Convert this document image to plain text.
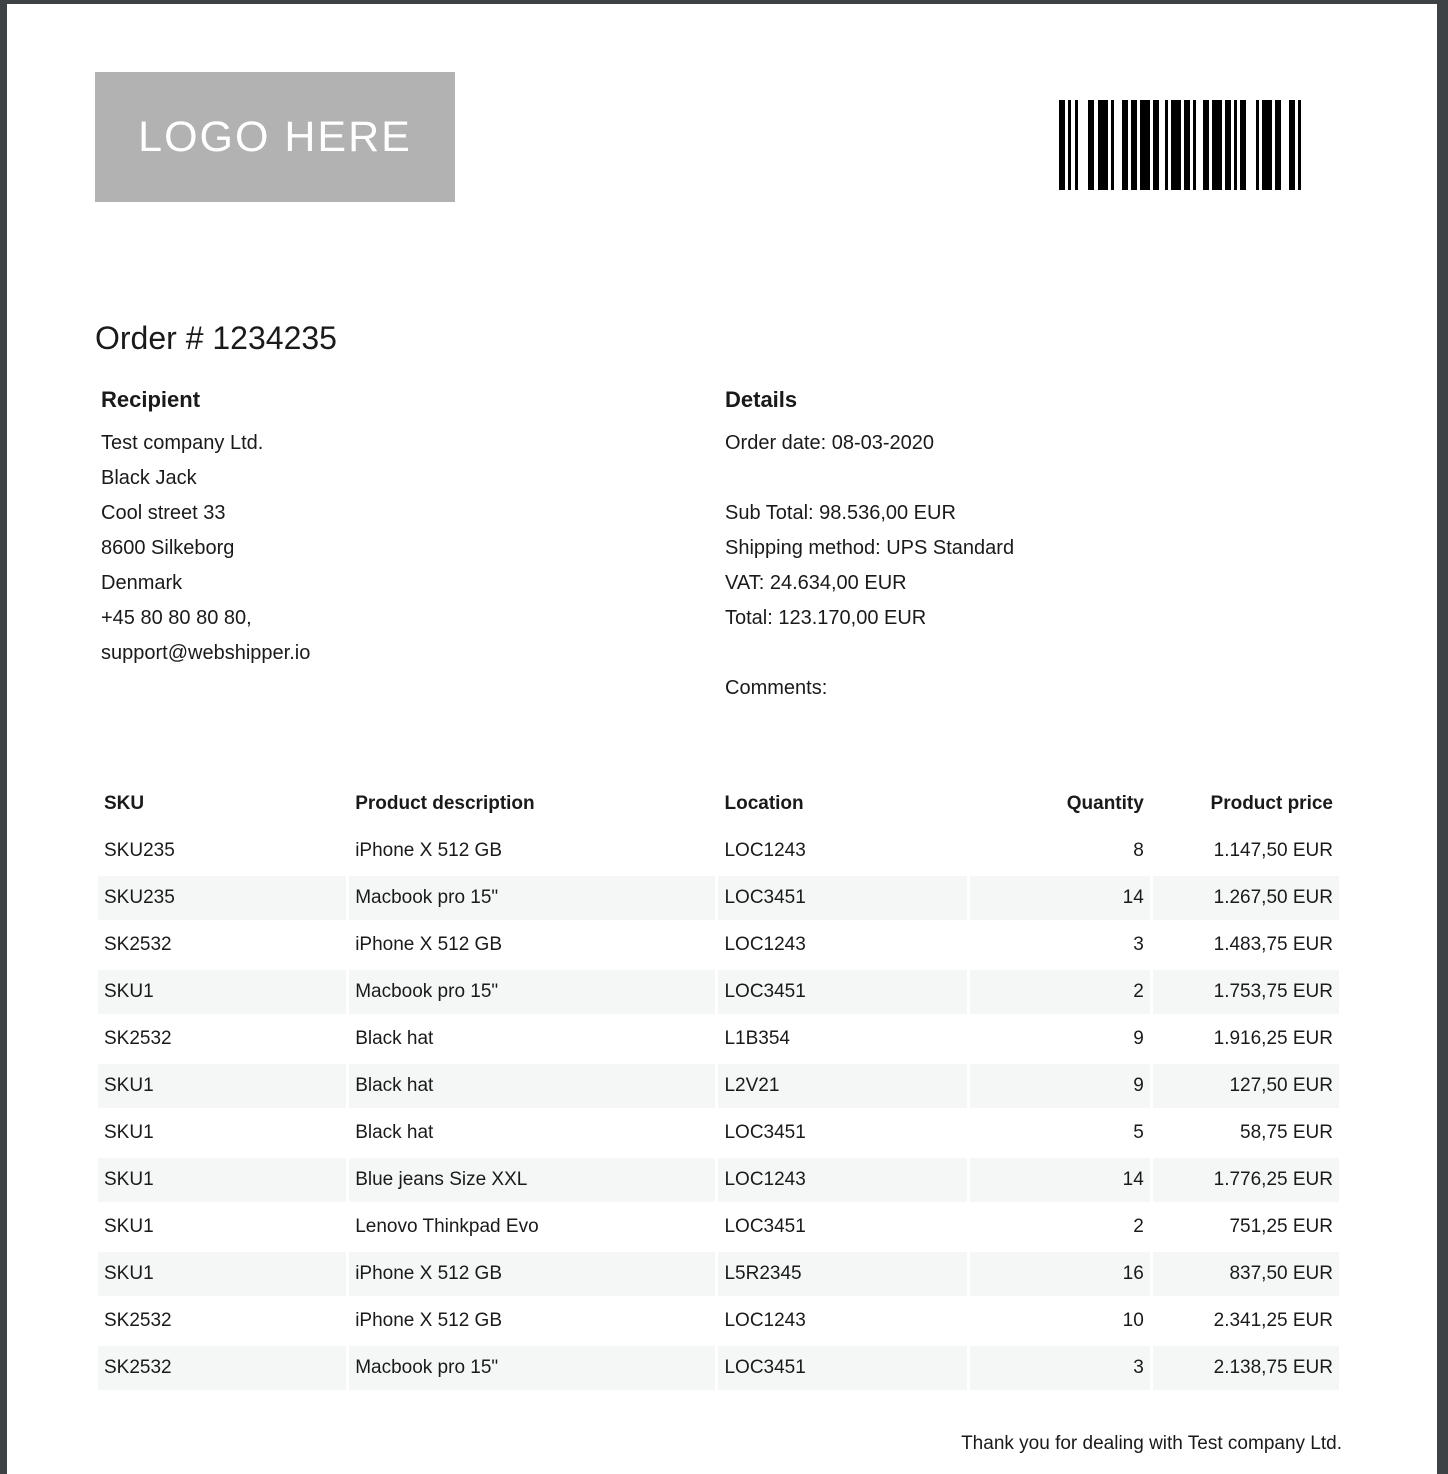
LOGO HERE
Order # 1234235
Recipient
Test company Ltd.
Black Jack
Cool street 33
8600 Silkeborg
Denmark
+45 80 80 80 80,
support@webshipper.io
Details
Order date: 08-03-2020
Sub Total: 98.536,00 EUR
Shipping method: UPS Standard
VAT: 24.634,00 EUR
Total: 123.170,00 EUR
Comments:
SKU	Product description	Location	Quantity	Product price
SKU235	iPhone X 512 GB	LOC1243	8	1.147,50 EUR
SKU235	Macbook pro 15"	LOC3451	14	1.267,50 EUR
SK2532	iPhone X 512 GB	LOC1243	3	1.483,75 EUR
SKU1	Macbook pro 15"	LOC3451	2	1.753,75 EUR
SK2532	Black hat	L1B354	9	1.916,25 EUR
SKU1	Black hat	L2V21	9	127,50 EUR
SKU1	Black hat	LOC3451	5	58,75 EUR
SKU1	Blue jeans Size XXL	LOC1243	14	1.776,25 EUR
SKU1	Lenovo Thinkpad Evo	LOC3451	2	751,25 EUR
SKU1	iPhone X 512 GB	L5R2345	16	837,50 EUR
SK2532	iPhone X 512 GB	LOC1243	10	2.341,25 EUR
SK2532	Macbook pro 15"	LOC3451	3	2.138,75 EUR
Thank you for dealing with Test company Ltd.
